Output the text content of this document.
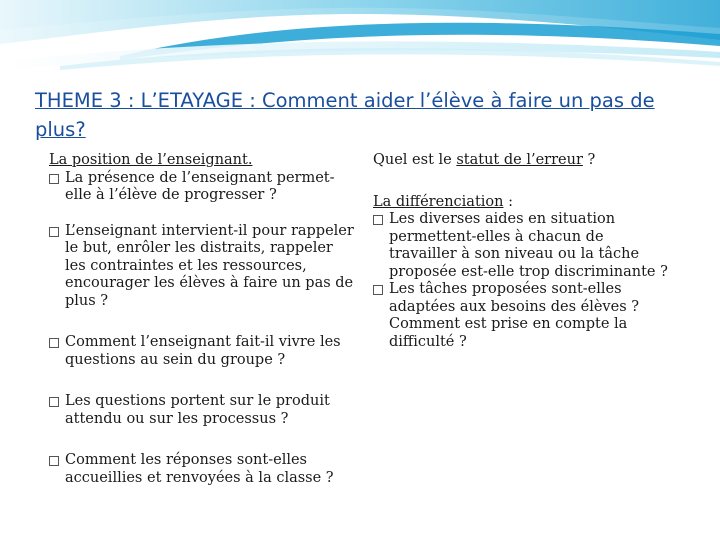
THEME 3 : L’ETAYAGE : Comment aider l’élève à faire un pas de plus?
La position de l’enseignant.
La présence de l’enseignant permet-elle à l’élève de progresser ?
L’enseignant intervient-il pour rappeler le but, enrôler les distraits, rappeler les contraintes et les ressources, encourager les élèves à faire un pas de plus ?
Comment l’enseignant fait-il vivre les questions au sein du groupe ?
Les questions portent sur le produit attendu ou sur les processus ?
Comment les réponses sont-elles accueillies et renvoyées à la classe ?
Quel est le statut de l’erreur ?
La différenciation :
Les diverses aides en situation permettent-elles à chacun de travailler à son niveau ou la tâche proposée est-elle trop discriminante ?
Les tâches proposées sont-elles adaptées aux besoins des élèves ? Comment est prise en compte la difficulté ?
